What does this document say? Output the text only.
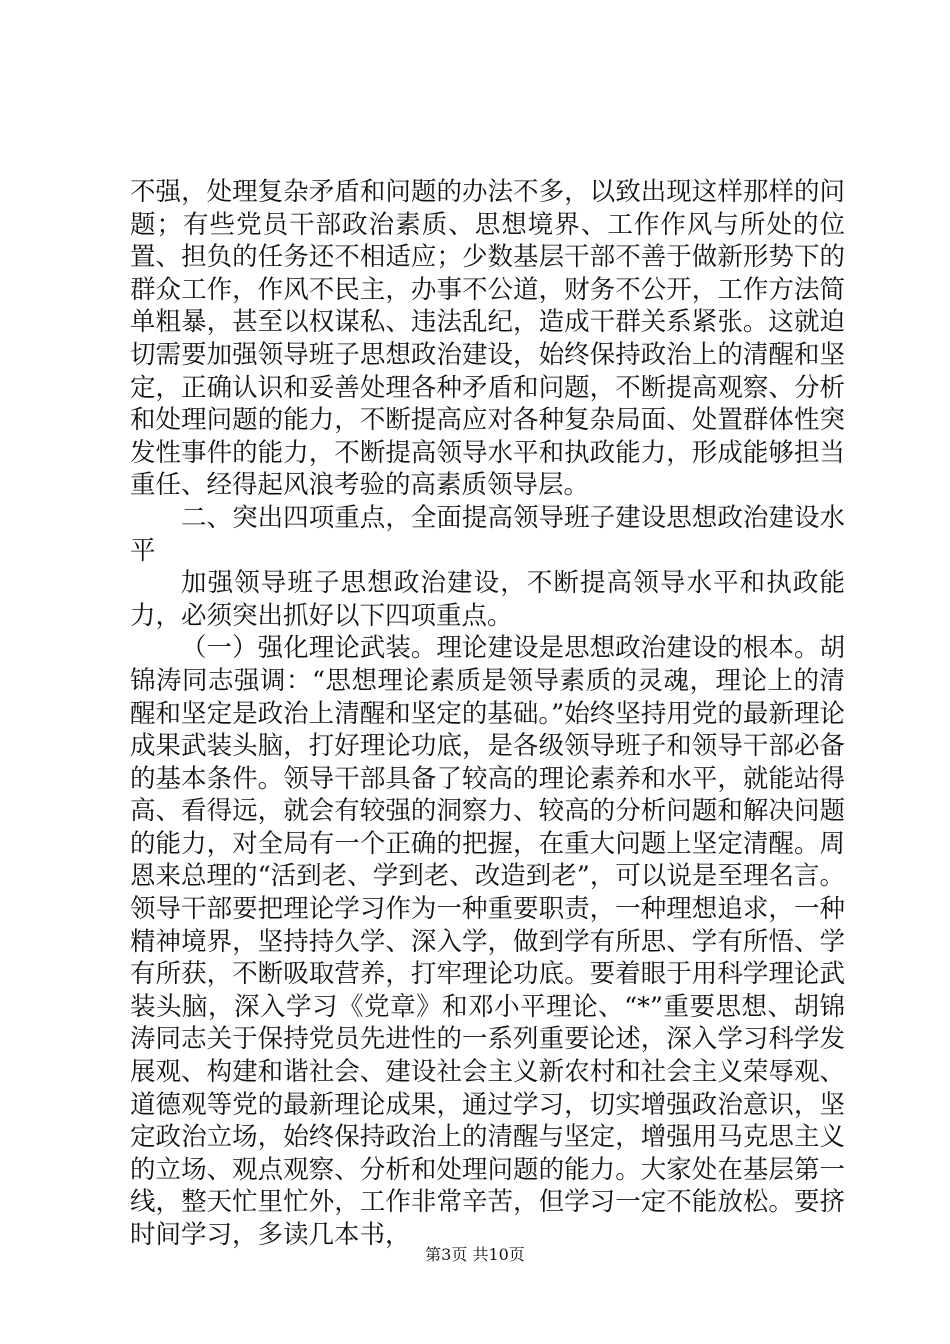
不强，处理复杂矛盾和问题的办法不多，以致出现这样那样的问题；有些党员干部政治素质、思想境界、工作作风与所处的位置、担负的任务还不相适应；少数基层干部不善于做新形势下的群众工作，作风不民主，办事不公道，财务不公开，工作方法简单粗暴，甚至以权谋私、违法乱纪，造成干群关系紧张。这就迫切需要加强领导班子思想政治建设，始终保持政治上的清醒和坚定，正确认识和妥善处理各种矛盾和问题，不断提高观察、分析和处理问题的能力，不断提高应对各种复杂局面、处置群体性突发性事件的能力，不断提高领导水平和执政能力，形成能够担当重任、经得起风浪考验的高素质领导层。

二、突出四项重点，全面提高领导班子建设思想政治建设水平

加强领导班子思想政治建设，不断提高领导水平和执政能力，必须突出抓好以下四项重点。

（一）强化理论武装。理论建设是思想政治建设的根本。胡锦涛同志强调：“思想理论素质是领导素质的灵魂，理论上的清醒和坚定是政治上清醒和坚定的基础。”始终坚持用党的最新理论成果武装头脑，打好理论功底，是各级领导班子和领导干部必备的基本条件。领导干部具备了较高的理论素养和水平，就能站得高、看得远，就会有较强的洞察力、较高的分析问题和解决问题的能力，对全局有一个正确的把握，在重大问题上坚定清醒。周恩来总理的“活到老、学到老、改造到老”，可以说是至理名言。领导干部要把理论学习作为一种重要职责，一种理想追求，一种精神境界，坚持持久学、深入学，做到学有所思、学有所悟、学有所获，不断吸取营养，打牢理论功底。要着眼于用科学理论武装头脑，深入学习《党章》和邓小平理论、“*”重要思想、胡锦涛同志关于保持党员先进性的一系列重要论述，深入学习科学发展观、构建和谐社会、建设社会主义新农村和社会主义荣辱观、道德观等党的最新理论成果，通过学习，切实增强政治意识，坚定政治立场，始终保持政治上的清醒与坚定，增强用马克思主义的立场、观点观察、分析和处理问题的能力。大家处在基层第一线，整天忙里忙外，工作非常辛苦，但学习一定不能放松。要挤时间学习，多读几本书，

第3页 共10页
